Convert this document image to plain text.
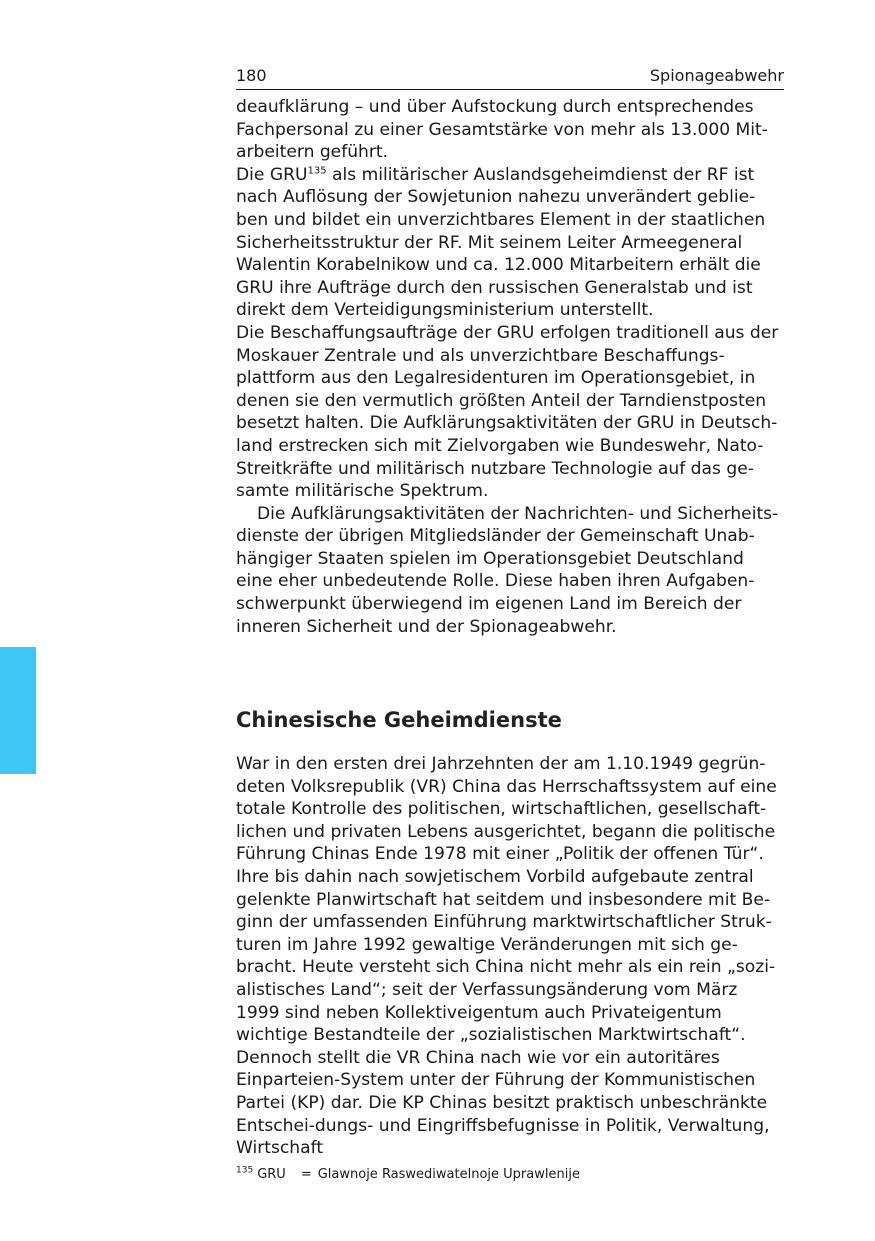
180	Spionageabwehr

deaufklärung – und über Aufstockung durch entsprechendes Fachpersonal zu einer Gesamtstärke von mehr als 13.000 Mit-arbeitern geführt.

Die GRU$^{135}$ als militärischer Auslandsgeheimdienst der RF ist nach Auflösung der Sowjetunion nahezu unverändert geblie-ben und bildet ein unverzichtbares Element in der staatlichen Sicherheitsstruktur der RF. Mit seinem Leiter Armeegeneral Walentin Korabelnikow und ca. 12.000 Mitarbeitern erhält die GRU ihre Aufträge durch den russischen Generalstab und ist direkt dem Verteidigungsministerium unterstellt.

Die Beschaffungsaufträge der GRU erfolgen traditionell aus der Moskauer Zentrale und als unverzichtbare Beschaffungs-plattform aus den Legalresidenturen im Operationsgebiet, in denen sie den vermutlich größten Anteil der Tarndienstposten besetzt halten. Die Aufklärungsaktivitäten der GRU in Deutsch-land erstrecken sich mit Zielvorgaben wie Bundeswehr, Nato-Streitkräfte und militärisch nutzbare Technologie auf das ge-samte militärische Spektrum.

Die Aufklärungsaktivitäten der Nachrichten- und Sicherheits-dienste der übrigen Mitgliedsländer der Gemeinschaft Unab-hängiger Staaten spielen im Operationsgebiet Deutschland eine eher unbedeutende Rolle. Diese haben ihren Aufgaben-schwerpunkt überwiegend im eigenen Land im Bereich der inneren Sicherheit und der Spionageabwehr.

Chinesische Geheimdienste

War in den ersten drei Jahrzehnten der am 1.10.1949 gegrün-deten Volksrepublik (VR) China das Herrschaftssystem auf eine totale Kontrolle des politischen, wirtschaftlichen, gesellschaft-lichen und privaten Lebens ausgerichtet, begann die politische Führung Chinas Ende 1978 mit einer „Politik der offenen Tür“. Ihre bis dahin nach sowjetischem Vorbild aufgebaute zentral gelenkte Planwirtschaft hat seitdem und insbesondere mit Be-ginn der umfassenden Einführung marktwirtschaftlicher Struk-turen im Jahre 1992 gewaltige Veränderungen mit sich ge-bracht. Heute versteht sich China nicht mehr als ein rein „sozi-alistisches Land“; seit der Verfassungsänderung vom März 1999 sind neben Kollektiveigentum auch Privateigentum wichtige Bestandteile der „sozialistischen Marktwirtschaft“. Dennoch stellt die VR China nach wie vor ein autoritäres Einparteien-System unter der Führung der Kommunistischen Partei (KP) dar. Die KP Chinas besitzt praktisch unbeschränkte Entschei-dungs- und Eingriffsbefugnisse in Politik, Verwaltung, Wirtschaft

$^{135}$ GRU = Glawnoje Raswediwatelnoje Uprawlenije
